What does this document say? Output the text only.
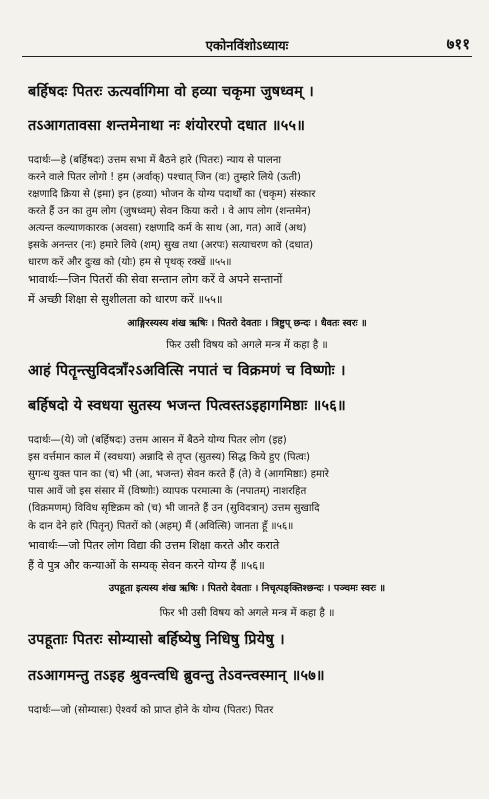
एकोनविंशोऽध्यायः	७११
बर्हिषदः पितरः ऊत्यर्वागिमा वो हव्या चकृमा जुषध्वम् ।
तऽआगतावसा शन्तमेनाथा नः शंयोररपो दधात ॥५५॥
पदार्थः—हे (बर्हिषदः) उत्तम सभा में बैठने हारे (पितरः) न्याय से पालना
करने वाले पितर लोगो ! हम (अर्वाक्) पश्चात् जिन (वः) तुम्हारे लिये (ऊती)
रक्षणादि क्रिया से (इमा) इन (हव्या) भोजन के योग्य पदार्थों का (चकृम) संस्कार
करते हैं उन का तुम लोग (जुषध्वम्) सेवन किया करो । वे आप लोग (शन्तमेन)
अत्यन्त कल्याणकारक (अवसा) रक्षणादि कर्म के साथ (आ, गत) आवें (अथ)
इसके अनन्तर (नः) हमारे लिये (शम्) सुख तथा (अरपः) सत्याचरण को (दधात)
धारण करें और दुःख को (योः) हम से पृथक् रक्खें ॥५५॥
भावार्थः—जिन पितरों की सेवा सन्तान लोग करें वे अपने सन्तानों
में अच्छी शिक्षा से सुशीलता को धारण करें ॥५५॥
आङ्गिरस्यस्य शंख ऋषिः । पितरो देवताः । त्रिष्टुप् छन्दः । धैवतः स्वरः ॥
फिर उसी विषय को अगले मन्त्र में कहा है ॥
आहं पितॄन्त्सुविदत्राँ२ऽअवित्सि नपातं च विक्रमणं च विष्णोः ।
बर्हिषदो ये स्वधया सुतस्य भजन्त पित्वस्तऽइहागमिष्ठाः ॥५६॥
पदार्थः—(ये) जो (बर्हिषदः) उत्तम आसन में बैठने योग्य पितर लोग (इह)
इस वर्त्तमान काल में (स्वधया) अन्नादि से तृप्त (सुतस्य) सिद्ध किये हुए (पित्वः)
सुगन्ध युक्त पान का (च) भी (आ, भजन्त) सेवन करते हैं (ते) वे (आगमिष्ठाः) हमारे
पास आवें जो इस संसार में (विष्णोः) व्यापक परमात्मा के (नपातम्) नाशरहित
(विक्रमणम्) विविध सृष्टिक्रम को (च) भी जानते हैं उन (सुविदत्रान्) उत्तम सुखादि
के दान देने हारे (पितॄन्) पितरों को (अहम्) मैं (अवित्सि) जानता हूँ ॥५६॥
भावार्थः—जो पितर लोग विद्या की उत्तम शिक्षा करते और कराते
हैं वे पुत्र और कन्याओं के सम्यक् सेवन करने योग्य हैं ॥५६॥
उपहूता इत्यस्य शंख ऋषिः । पितरो देवताः । निचृत्पङ्क्तिश्छन्दः । पञ्चमः स्वरः ॥
फिर भी उसी विषय को अगले मन्त्र में कहा है ॥
उपहूताः पितरः सोम्यासो बर्हिष्येषु निधिषु प्रियेषु ।
तऽआगमन्तु तऽइह श्रुवन्त्वधि ब्रुवन्तु तेऽवन्त्वस्मान् ॥५७॥
पदार्थः—जो (सोम्यासः) ऐश्वर्य को प्राप्त होने के योग्य (पितरः) पितर
